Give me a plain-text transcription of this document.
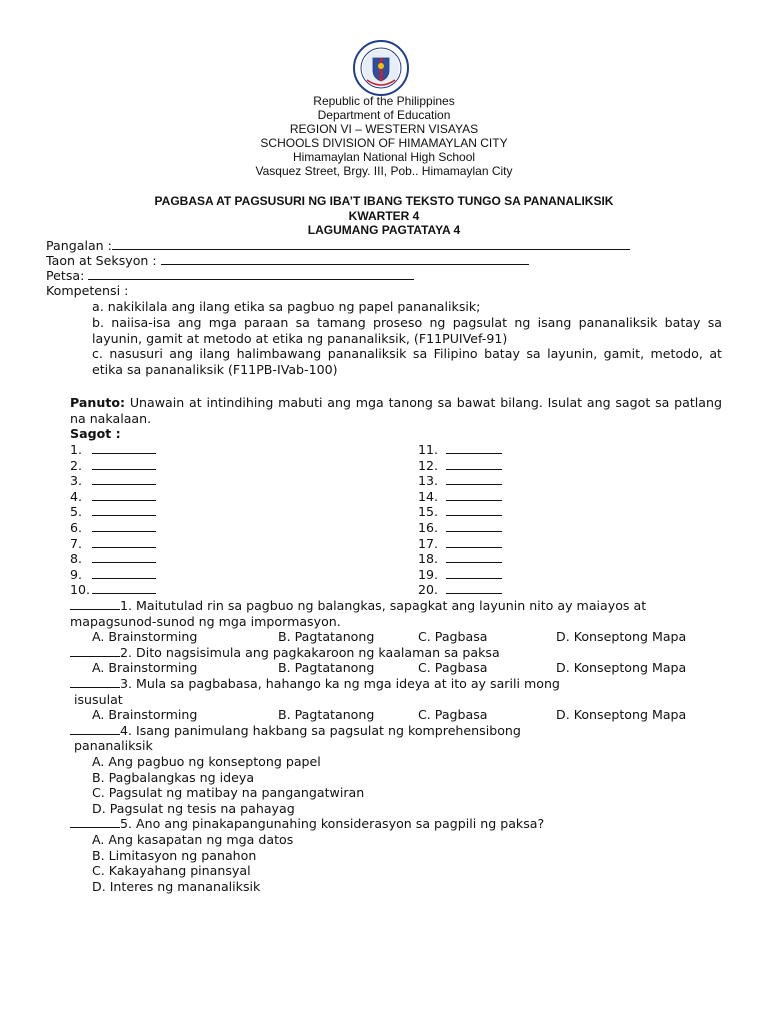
Republic of the Philippines
Department of Education
REGION VI – WESTERN VISAYAS
SCHOOLS DIVISION OF HIMAMAYLAN CITY
Himamaylan National High School
Vasquez Street, Brgy. III, Pob.. Himamaylan City
PAGBASA AT PAGSUSURI NG IBA’T IBANG TEKSTO TUNGO SA PANANALIKSIK
KWARTER 4
LAGUMANG PAGTATAYA 4
Pangalan :
Taon at Seksyon :
Petsa:
Kompetensi :
a. nakikilala ang ilang etika sa pagbuo ng papel pananaliksik;
b. naiisa-isa ang mga paraan sa tamang proseso ng pagsulat ng isang pananaliksik batay sa layunin, gamit at metodo at etika ng pananaliksik, (F11PUIVef-91)
c. nasusuri ang ilang halimbawang pananaliksik sa Filipino batay sa layunin, gamit, metodo, at etika sa pananaliksik (F11PB-IVab-100)
Panuto: Unawain at intindihing mabuti ang mga tanong sa bawat bilang. Isulat ang sagot sa patlang na nakalaan.
Sagot :
1.
2.
3.
4.
5.
6.
7.
8.
9.
10.
11.
12.
13.
14.
15.
16.
17.
18.
19.
20.
1. Maitutulad rin sa pagbuo ng balangkas, sapagkat ang layunin nito ay maiayos at
mapagsunod-sunod ng mga impormasyon.
A. Brainstorming	B. Pagtatanong	C. Pagbasa	D. Konseptong Mapa
2. Dito nagsisimula ang pagkakaroon ng kaalaman sa paksa
A. Brainstorming	B. Pagtatanong	C. Pagbasa	D. Konseptong Mapa
3. Mula sa pagbabasa, hahango ka ng mga ideya at ito ay sarili mong
isusulat
A. Brainstorming	B. Pagtatanong	C. Pagbasa	D. Konseptong Mapa
4. Isang panimulang hakbang sa pagsulat ng komprehensibong
pananaliksik
A. Ang pagbuo ng konseptong papel
B. Pagbalangkas ng ideya
C. Pagsulat ng matibay na pangangatwiran
D. Pagsulat ng tesis na pahayag
5. Ano ang pinakapangunahing konsiderasyon sa pagpili ng paksa?
A. Ang kasapatan ng mga datos
B. Limitasyon ng panahon
C. Kakayahang pinansyal
D. Interes ng mananaliksik
